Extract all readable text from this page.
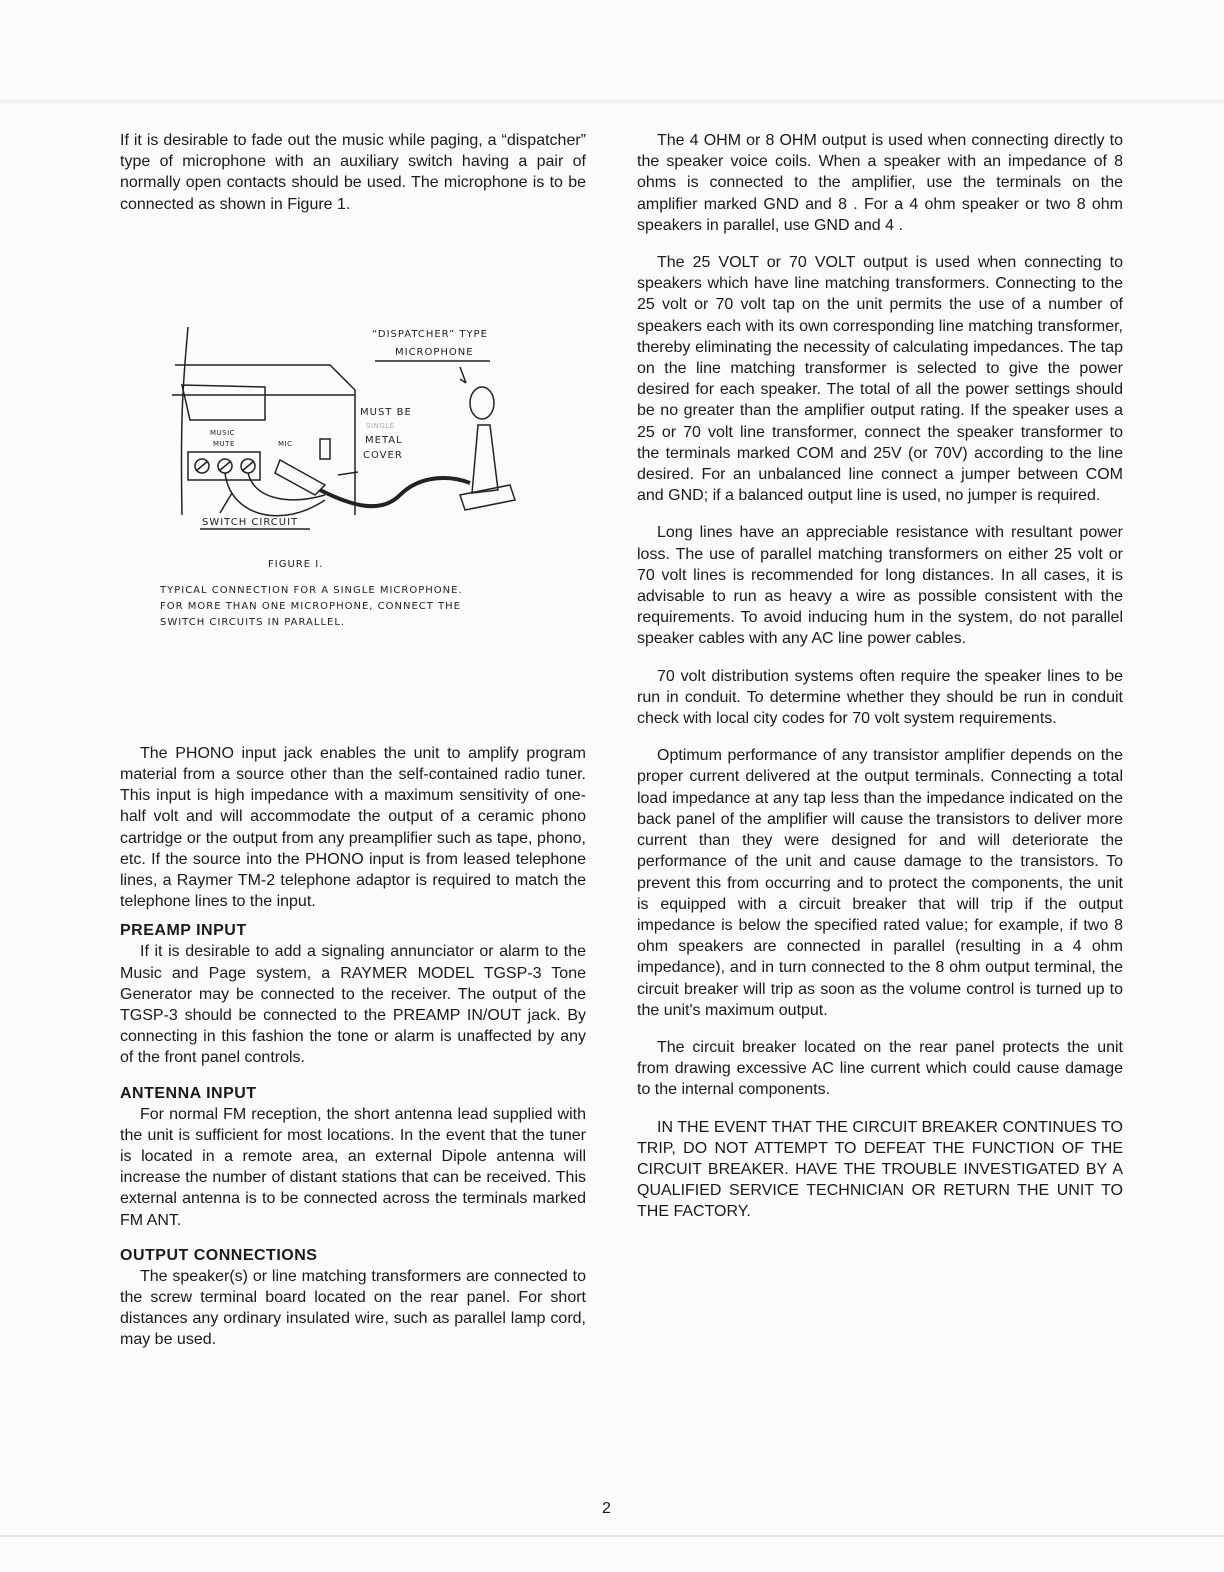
If it is desirable to fade out the music while paging, a “dispatcher” type of microphone with an auxiliary switch having a pair of normally open contacts should be used. The microphone is to be connected as shown in Figure 1.

“DISPATCHER” TYPE
MICROPHONE
MUSIC
MUTE	MIC
MUST BE
SINGLE
METAL
COVER
SWITCH CIRCUIT
FIGURE I.
TYPICAL CONNECTION FOR A SINGLE MICROPHONE.
FOR MORE THAN ONE MICROPHONE, CONNECT THE
SWITCH CIRCUITS IN PARALLEL.

The PHONO input jack enables the unit to amplify program material from a source other than the self-contained radio tuner. This input is high impedance with a maximum sensitivity of one-half volt and will accommodate the output of a ceramic phono cartridge or the output from any preamplifier such as tape, phono, etc. If the source into the PHONO input is from leased telephone lines, a Raymer TM-2 telephone adaptor is required to match the telephone lines to the input.

PREAMP INPUT

If it is desirable to add a signaling annunciator or alarm to the Music and Page system, a RAYMER MODEL TGSP-3 Tone Generator may be connected to the receiver. The output of the TGSP-3 should be connected to the PREAMP IN/OUT jack. By connecting in this fashion the tone or alarm is unaffected by any of the front panel controls.

ANTENNA INPUT

For normal FM reception, the short antenna lead supplied with the unit is sufficient for most locations. In the event that the tuner is located in a remote area, an external Dipole antenna will increase the number of distant stations that can be received. This external antenna is to be connected across the terminals marked FM ANT.

OUTPUT CONNECTIONS

The speaker(s) or line matching transformers are connected to the screw terminal board located on the rear panel. For short distances any ordinary insulated wire, such as parallel lamp cord, may be used.

The 4 OHM or 8 OHM output is used when connecting directly to the speaker voice coils. When a speaker with an impedance of 8 ohms is connected to the amplifier, use the terminals on the amplifier marked GND and 8 . For a 4 ohm speaker or two 8 ohm speakers in parallel, use GND and 4 .

The 25 VOLT or 70 VOLT output is used when connecting to speakers which have line matching transformers. Connecting to the 25 volt or 70 volt tap on the unit permits the use of a number of speakers each with its own corresponding line matching transformer, thereby eliminating the necessity of calculating impedances. The tap on the line matching transformer is selected to give the power desired for each speaker. The total of all the power settings should be no greater than the amplifier output rating. If the speaker uses a 25 or 70 volt line transformer, connect the speaker transformer to the terminals marked COM and 25V (or 70V) according to the line desired. For an unbalanced line connect a jumper between COM and GND; if a balanced output line is used, no jumper is required.

Long lines have an appreciable resistance with resultant power loss. The use of parallel matching transformers on either 25 volt or 70 volt lines is recommended for long distances. In all cases, it is advisable to run as heavy a wire as possible consistent with the requirements. To avoid inducing hum in the system, do not parallel speaker cables with any AC line power cables.

70 volt distribution systems often require the speaker lines to be run in conduit. To determine whether they should be run in conduit check with local city codes for 70 volt system requirements.

Optimum performance of any transistor amplifier depends on the proper current delivered at the output terminals. Connecting a total load impedance at any tap less than the impedance indicated on the back panel of the amplifier will cause the transistors to deliver more current than they were designed for and will deteriorate the performance of the unit and cause damage to the transistors. To prevent this from occurring and to protect the components, the unit is equipped with a circuit breaker that will trip if the output impedance is below the specified rated value; for example, if two 8 ohm speakers are connected in parallel (resulting in a 4 ohm impedance), and in turn connected to the 8 ohm output terminal, the circuit breaker will trip as soon as the volume control is turned up to the unit's maximum output.

The circuit breaker located on the rear panel protects the unit from drawing excessive AC line current which could cause damage to the internal components.

IN THE EVENT THAT THE CIRCUIT BREAKER CONTINUES TO TRIP, DO NOT ATTEMPT TO DEFEAT THE FUNCTION OF THE CIRCUIT BREAKER. HAVE THE TROUBLE INVESTIGATED BY A QUALIFIED SERVICE TECHNICIAN OR RETURN THE UNIT TO THE FACTORY.

2
